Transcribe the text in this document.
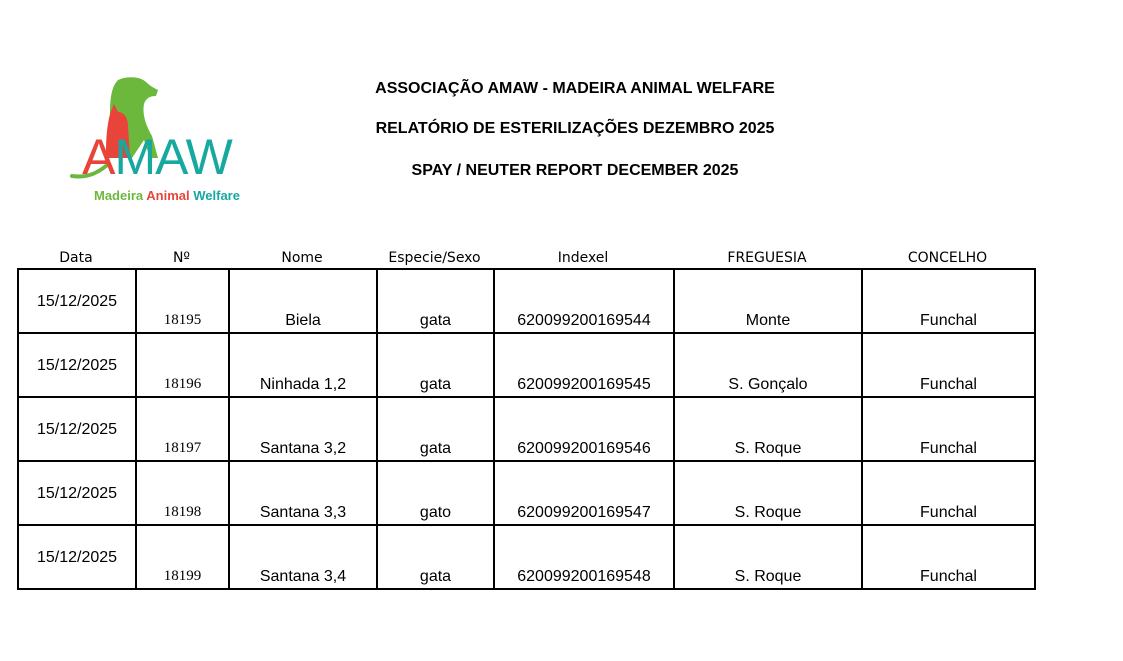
AMAW
Madeira Animal Welfare
ASSOCIAÇÃO AMAW - MADEIRA ANIMAL WELFARE
RELATÓRIO DE ESTERILIZAÇÕES DEZEMBRO 2025
SPAY / NEUTER REPORT DECEMBER 2025
Data	Nº	Nome	Especie/Sexo	Indexel	FREGUESIA	CONCELHO
15/12/2025	18195	Biela	gata	620099200169544	Monte	Funchal

15/12/2025	18196	Ninhada 1,2	gata	620099200169545	S. Gonçalo	Funchal

15/12/2025	18197	Santana 3,2	gata	620099200169546	S. Roque	Funchal

15/12/2025	18198	Santana 3,3	gato	620099200169547	S. Roque	Funchal

15/12/2025	18199	Santana 3,4	gata	620099200169548	S. Roque	Funchal
